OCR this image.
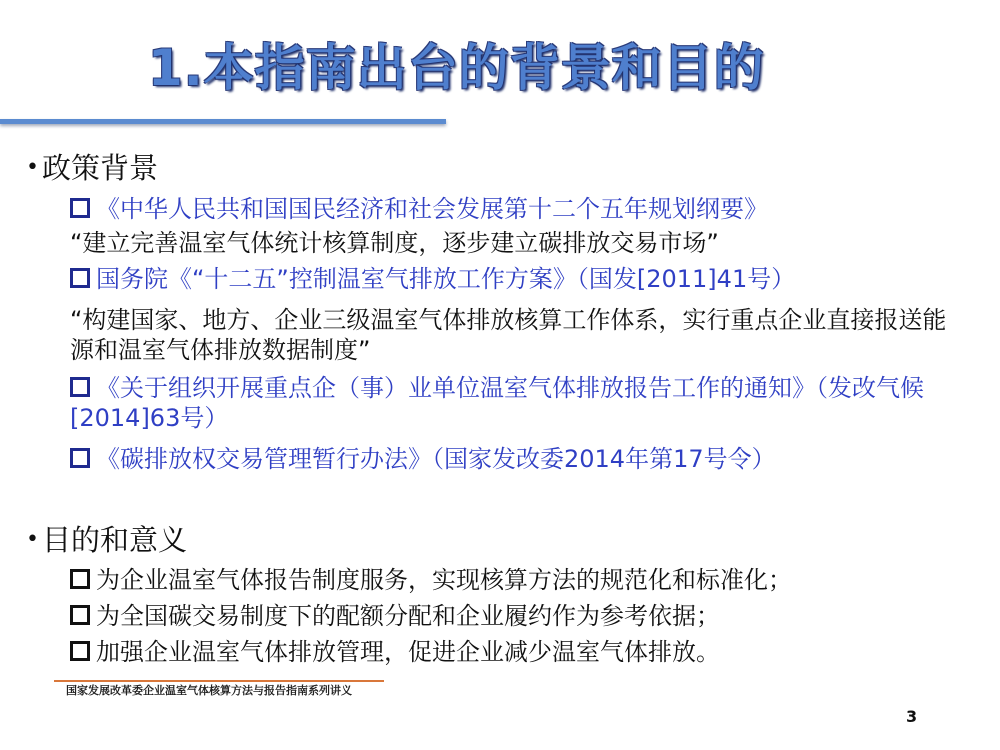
1.本指南出台的背景和目的
• 政策背景
《中华人民共和国国民经济和社会发展第十二个五年规划纲要》
“建立完善温室气体统计核算制度，逐步建立碳排放交易市场”
国务院《“十二五”控制温室气排放工作方案》（国发[2011]41号）
“构建国家、地方、企业三级温室气体排放核算工作体系，实行重点企业直接报送能源和温室气体排放数据制度”
《关于组织开展重点企（事）业单位温室气体排放报告工作的通知》（发改气候[2014]63号）
《碳排放权交易管理暂行办法》（国家发改委2014年第17号令）
• 目的和意义
为企业温室气体报告制度服务，实现核算方法的规范化和标准化；
为全国碳交易制度下的配额分配和企业履约作为参考依据；
加强企业温室气体排放管理，促进企业减少温室气体排放。
国家发展改革委企业温室气体核算方法与报告指南系列讲义
3
